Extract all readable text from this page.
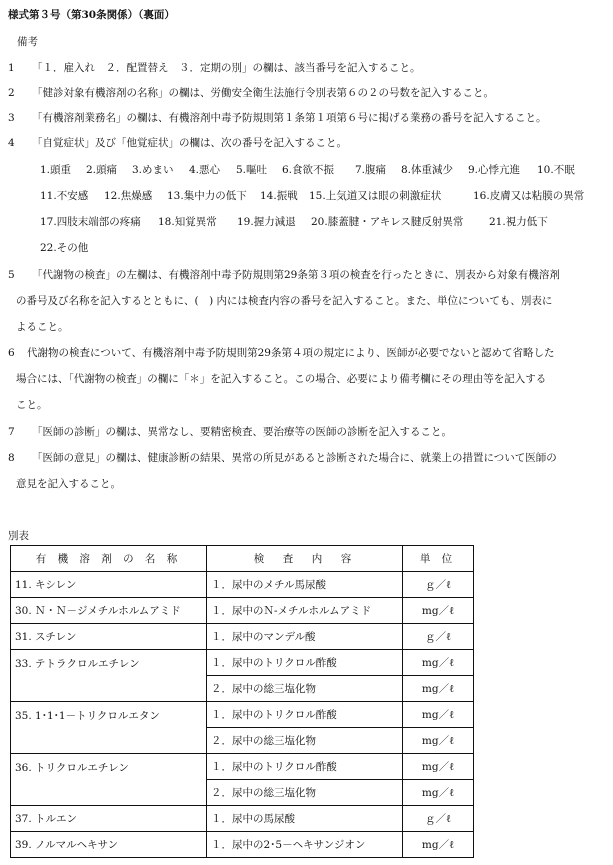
様式第３号（第30条関係）（裏面）
備考
1 「１．雇入れ　２．配置替え　３．定期の別」の欄は、該当番号を記入すること。
2 「健診対象有機溶剤の名称」の欄は、労働安全衛生法施行令別表第６の２の号数を記入すること。
3 「有機溶剤業務名」の欄は、有機溶剤中毒予防規則第１条第１項第６号に掲げる業務の番号を記入すること。
4 「自覚症状」及び「他覚症状」の欄は、次の番号を記入すること。
1.頭重 2.頭痛 3.めまい 4.悪心 5.嘔吐 6.食欲不振 7.腹痛 8.体重減少 9.心悸亢進 10.不眠
11.不安感 12.焦燥感 13.集中力の低下 14.振戦 15.上気道又は眼の刺激症状	16.皮膚又は粘膜の異常
17.四肢末端部の疼痛 18.知覚異常 19.握力減退 20.膝蓋腱・アキレス腱反射異常 21.視力低下
22.その他
5 「代謝物の検査」の左欄は、有機溶剤中毒予防規則第29条第３項の検査を行ったときに、別表から対象有機溶剤
の番号及び名称を記入するとともに、(　) 内には検査内容の番号を記入すること。また、単位についても、別表に
よること。
6 代謝物の検査について、有機溶剤中毒予防規則第29条第４項の規定により、医師が必要でないと認めて省略した
場合には、「代謝物の検査」の欄に「＊」を記入すること。この場合、必要により備考欄にその理由等を記入する
こと。
7 「医師の診断」の欄は、異常なし、要精密検査、要治療等の医師の診断を記入すること。
8 「医師の意見」の欄は、健康診断の結果、異常の所見があると診断された場合に、就業上の措置について医師の
意見を記入すること。
別表
有 機 溶 剤 の 名 称	検　査　内　容	単 位
11. キシレン	１．尿中のメチル馬尿酸	ｇ／ℓ
30. Ｎ・Ｎ－ジメチルホルムアミド	１．尿中のＮ-メチルホルムアミド	mg／ℓ
31. スチレン	１．尿中のマンデル酸	ｇ／ℓ
33. テトラクロルエチレン	１．尿中のトリクロル酢酸	mg／ℓ
	２．尿中の総三塩化物	mg／ℓ
35. 1･1･1－トリクロルエタン	１．尿中のトリクロル酢酸	mg／ℓ
	２．尿中の総三塩化物	mg／ℓ
36. トリクロルエチレン	１．尿中のトリクロル酢酸	mg／ℓ
	２．尿中の総三塩化物	mg／ℓ
37. トルエン	１．尿中の馬尿酸	ｇ／ℓ
39. ノルマルヘキサン	１．尿中の2･5－ヘキサンジオン	mg／ℓ
